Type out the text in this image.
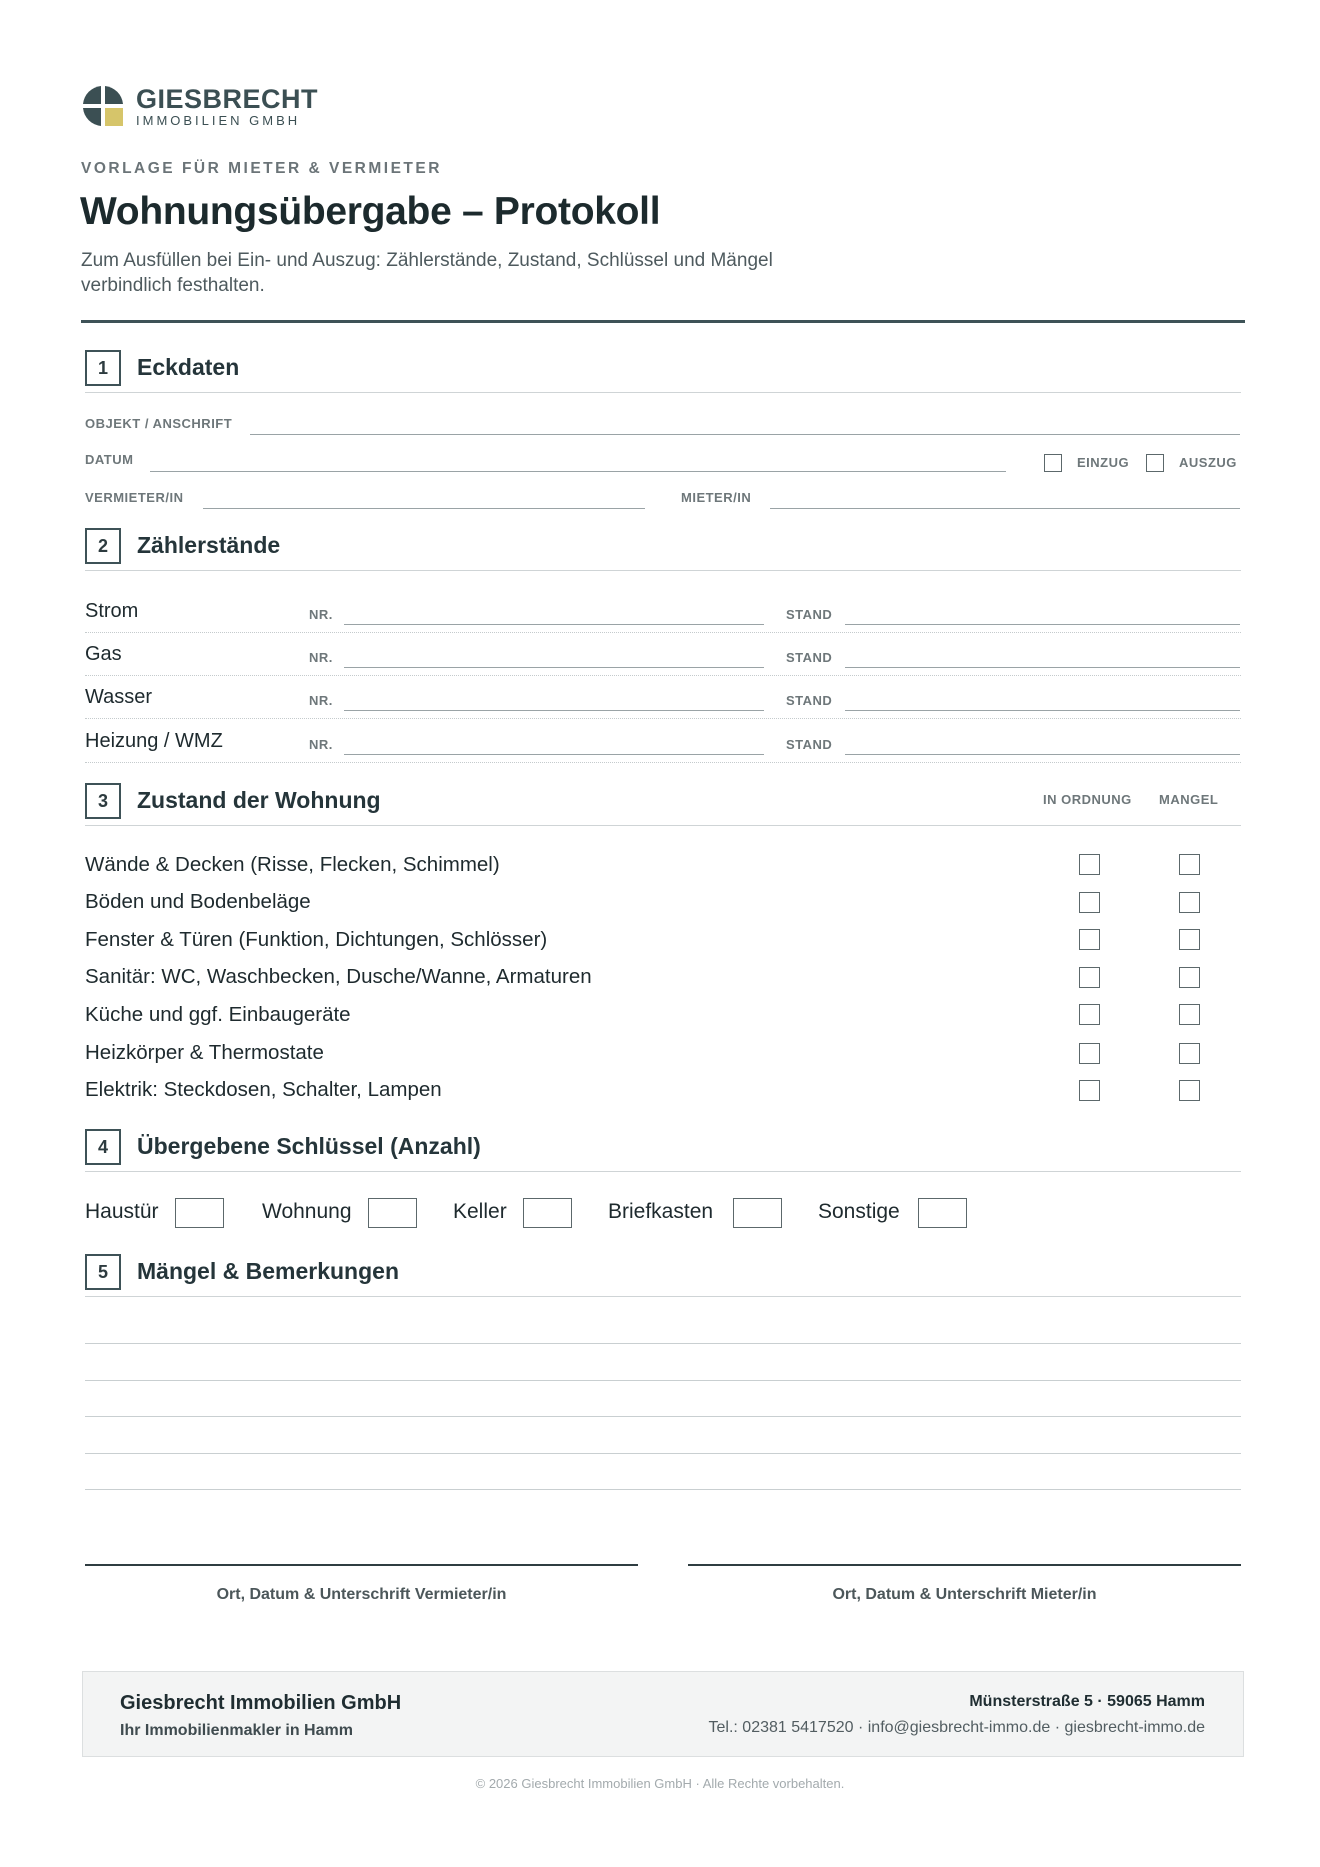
GIESBRECHT
IMMOBILIEN GMBH
VORLAGE FÜR MIETER & VERMIETER
Wohnungsübergabe – Protokoll
Zum Ausfüllen bei Ein- und Auszug: Zählerstände, Zustand, Schlüssel und Mängel
verbindlich festhalten.
1	Eckdaten
OBJEKT / ANSCHRIFT
DATUM	EINZUG	AUSZUG
VERMIETER/IN	MIETER/IN
2	Zählerstände
Strom	NR.	STAND
Gas	NR.	STAND
Wasser	NR.	STAND
Heizung / WMZ	NR.	STAND
3	Zustand der Wohnung	IN ORDNUNG MANGEL
Wände & Decken (Risse, Flecken, Schimmel)
Böden und Bodenbeläge
Fenster & Türen (Funktion, Dichtungen, Schlösser)
Sanitär: WC, Waschbecken, Dusche/Wanne, Armaturen
Küche und ggf. Einbaugeräte
Heizkörper & Thermostate
Elektrik: Steckdosen, Schalter, Lampen
4	Übergebene Schlüssel (Anzahl)
Haustür	Wohnung	Keller	Briefkasten	Sonstige
5	Mängel & Bemerkungen
Ort, Datum & Unterschrift Vermieter/in	Ort, Datum & Unterschrift Mieter/in
Giesbrecht Immobilien GmbH
Ihr Immobilienmakler in Hamm
Münsterstraße 5 · 59065 Hamm
Tel.: 02381 5417520 · info@giesbrecht-immo.de · giesbrecht-immo.de
© 2026 Giesbrecht Immobilien GmbH · Alle Rechte vorbehalten.
